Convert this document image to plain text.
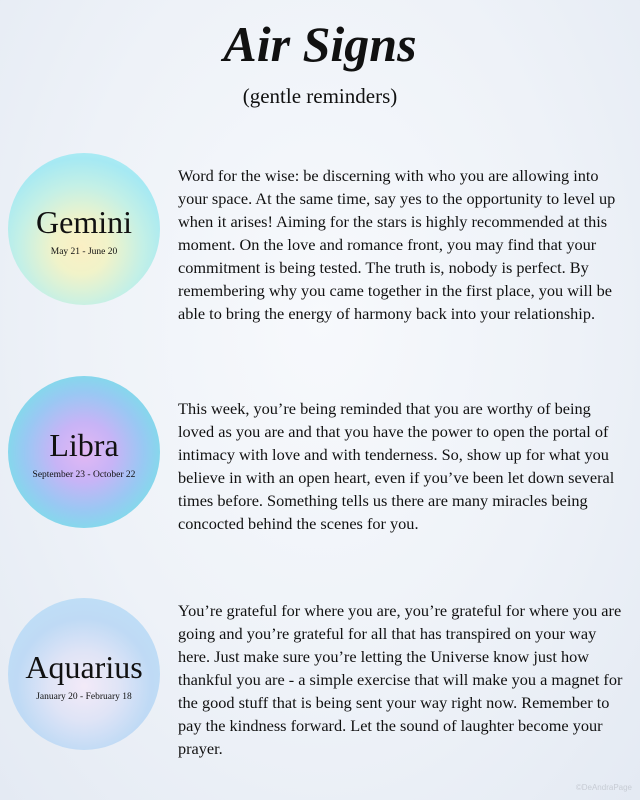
Air Signs
(gentle reminders)
Gemini
May 21 - June 20
Word for the wise: be discerning with who you are allowing into your space. At the same time, say yes to the opportunity to level up when it arises! Aiming for the stars is highly recommended at this moment. On the love and romance front, you may find that your commitment is being tested. The truth is, nobody is perfect. By remembering why you came together in the first place, you will be able to bring the energy of harmony back into your relationship.
Libra
September 23 - October 22
This week, you’re being reminded that you are worthy of being loved as you are and that you have the power to open the portal of intimacy with love and with tenderness. So, show up for what you believe in with an open heart, even if you’ve been let down several times before. Something tells us there are many miracles being concocted behind the scenes for you.
Aquarius
January 20 - February 18
You’re grateful for where you are, you’re grateful for where you are going and you’re grateful for all that has transpired on your way here. Just make sure you’re letting the Universe know just how thankful you are - a simple exercise that will make you a magnet for the good stuff that is being sent your way right now. Remember to pay the kindness forward. Let the sound of laughter become your prayer.
©DeAndraPage
